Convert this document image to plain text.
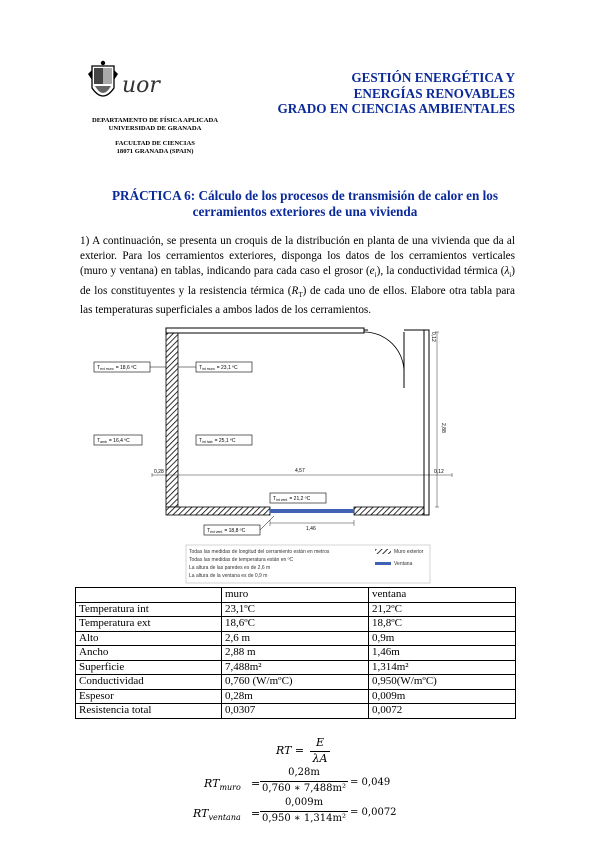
uor
DEPARTAMENTO DE FÍSICA APLICADA
UNIVERSIDAD DE GRANADA
FACULTAD DE CIENCIAS
18071 GRANADA (SPAIN)
GESTIÓN ENERGÉTICA Y
ENERGÍAS RENOVABLES
GRADO EN CIENCIAS AMBIENTALES
PRÁCTICA 6: Cálculo de los procesos de transmisión de calor en los
cerramientos exteriores de una vivienda
1) A continuación, se presenta un croquis de la distribución en planta de una vivienda que da al exterior. Para los cerramientos exteriores, disponga los datos de los cerramientos verticales (muro y ventana) en tablas, indicando para cada caso el grosor $(e_i)$, la conductividad térmica $(\lambda_i)$ de los constituyentes y la resistencia térmica $(R_T)$ de cada uno de ellos. Elabore otra tabla para las temperaturas superficiales a ambos lados de los cerramientos.
$T_{ext muro} = 18,6$ ºC	$T_{int muro} = 23,1$ ºC
$T_{amb} = 16,4$ ºC	$T_{int hab} = 25,1$ ºC
$T_{int vent} = 21,2$ ºC
$T_{ext vent} = 18,8$ ºC
0,28	4,57	0,12
2,88
0,12
1,46
Todas las medidas de longitud del cerramiento están en metros
Todas las medidas de temperatura están en ºC
La altura de las paredes es de 2,6 m
La altura de la ventana es de 0,9 m
Muro exterior
Ventana
	muro	ventana
Temperatura int	23,1ºC	21,2ºC
Temperatura ext	18,6ºC	18,8ºC
Alto	2,6 m	0,9m
Ancho	2,88 m	1,46m
Superficie	7,488m²	1,314m²
Conductividad	0,760 (W/mºC)	0,950(W/mºC)
Espesor	0,28m	0,009m
Resistencia total	0,0307	0,0072
RT =
E
λA
$RT_{muro}$ =
0,28m
0,760 ∗ 7,488m²
= 0,049
$RT_{ventana}$ =
0,009m
0,950 ∗ 1,314m²
= 0,0072
